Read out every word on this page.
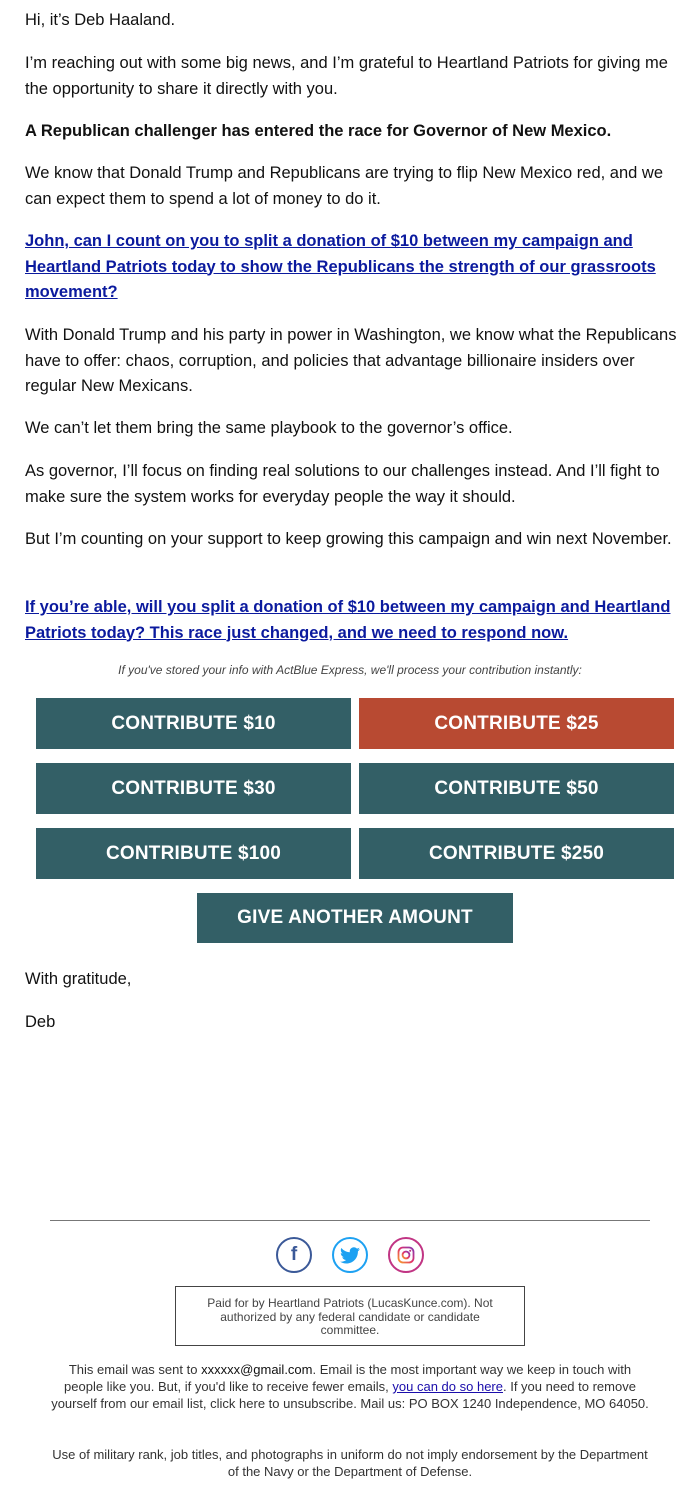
Hi, it’s Deb Haaland.

I’m reaching out with some big news, and I’m grateful to Heartland Patriots for giving me the opportunity to share it directly with you.

A Republican challenger has entered the race for Governor of New Mexico.

We know that Donald Trump and Republicans are trying to flip New Mexico red, and we can expect them to spend a lot of money to do it.

John, can I count on you to split a donation of $10 between my campaign and Heartland Patriots today to show the Republicans the strength of our grassroots movement?

With Donald Trump and his party in power in Washington, we know what the Republicans have to offer: chaos, corruption, and policies that advantage billionaire insiders over regular New Mexicans.

We can’t let them bring the same playbook to the governor’s office.

As governor, I’ll focus on finding real solutions to our challenges instead. And I’ll fight to make sure the system works for everyday people the way it should.

But I’m counting on your support to keep growing this campaign and win next November.

If you’re able, will you split a donation of $10 between my campaign and Heartland Patriots today? This race just changed, and we need to respond now.
If you've stored your info with ActBlue Express, we'll process your contribution instantly:
CONTRIBUTE $10	CONTRIBUTE $25
CONTRIBUTE $30	CONTRIBUTE $50
CONTRIBUTE $100	CONTRIBUTE $250
GIVE ANOTHER AMOUNT

With gratitude,

Deb

f
Paid for by Heartland Patriots (LucasKunce.com). Not authorized by any federal candidate or candidate committee.
This email was sent to xxxxxx@gmail.com. Email is the most important way we keep in touch with people like you. But, if you'd like to receive fewer emails, you can do so here. If you need to remove yourself from our email list, click here to unsubscribe. Mail us: PO BOX 1240 Independence, MO 64050.
Use of military rank, job titles, and photographs in uniform do not imply endorsement by the Department of the Navy or the Department of Defense.
